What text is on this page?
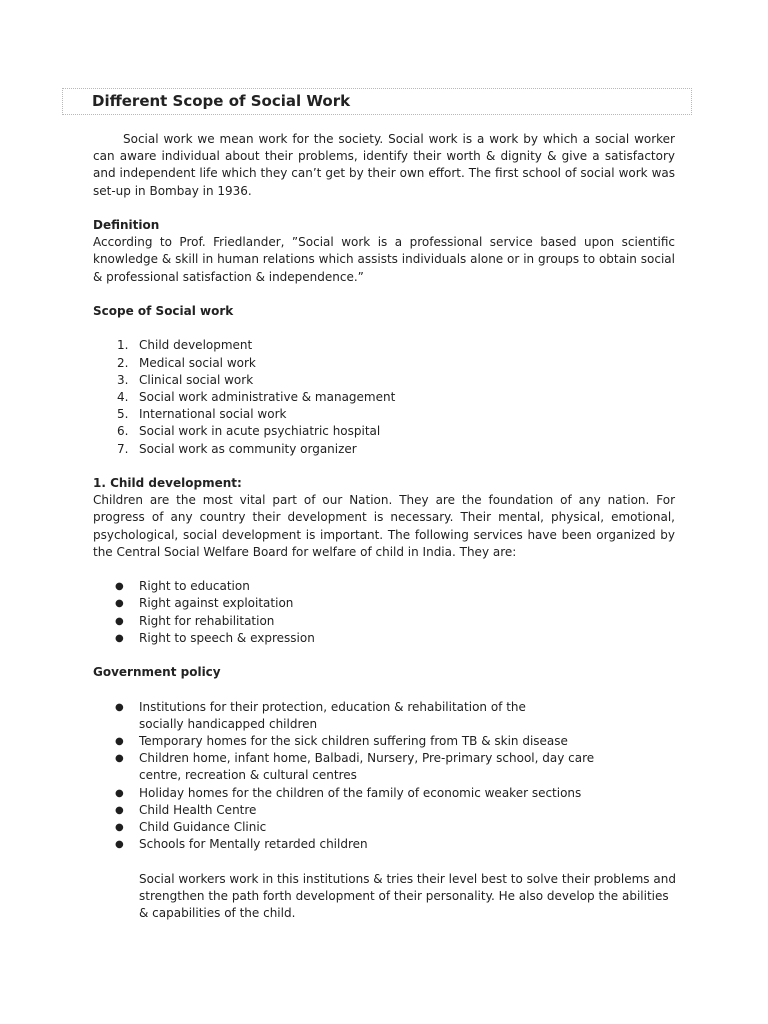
Different Scope of Social Work

Social work we mean work for the society. Social work is a work by which a social worker can aware individual about their problems, identify their worth & dignity & give a satisfactory and independent life which they can’t get by their own effort. The first school of social work was set-up in Bombay in 1936.

Definition

According to Prof. Friedlander, ”Social work is a professional service based upon scientific knowledge & skill in human relations which assists individuals alone or in groups to obtain social & professional satisfaction & independence.”

Scope of Social work

1. Child development
2. Medical social work
3. Clinical social work
4. Social work administrative & management
5. International social work
6. Social work in acute psychiatric hospital
7. Social work as community organizer

1. Child development:

Children are the most vital part of our Nation. They are the foundation of any nation. For progress of any country their development is necessary. Their mental, physical, emotional, psychological, social development is important. The following services have been organized by the Central Social Welfare Board for welfare of child in India. They are:

● Right to education
● Right against exploitation
● Right for rehabilitation
● Right to speech & expression

Government policy

● Institutions for their protection, education & rehabilitation of the socially handicapped children
● Temporary homes for the sick children suffering from TB & skin disease
● Children home, infant home, Balbadi, Nursery, Pre-primary school, day care centre, recreation & cultural centres
● Holiday homes for the children of the family of economic weaker sections
● Child Health Centre
● Child Guidance Clinic
● Schools for Mentally retarded children

Social workers work in this institutions & tries their level best to solve their problems and strengthen the path forth development of their personality. He also develop the abilities & capabilities of the child.
